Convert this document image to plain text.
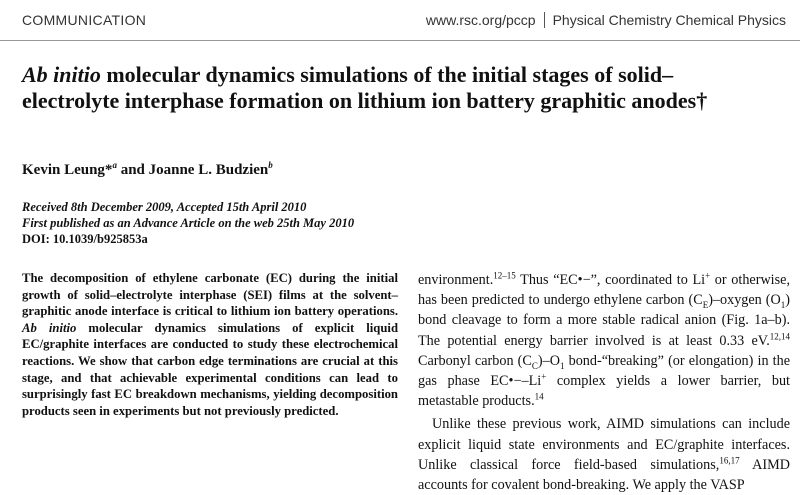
COMMUNICATION	www.rsc.org/pccp Physical Chemistry Chemical Physics
Ab initio molecular dynamics simulations of the initial stages of solid–electrolyte interphase formation on lithium ion battery graphitic anodes†
Kevin Leung*$^a$ and Joanne L. Budzien$^b$
Received 8th December 2009, Accepted 15th April 2010
First published as an Advance Article on the web 25th May 2010
DOI: 10.1039/b925853a

The decomposition of ethylene carbonate (EC) during the initial growth of solid–electrolyte interphase (SEI) films at the solvent–graphitic anode interface is critical to lithium ion battery operations. Ab initio molecular dynamics simulations of explicit liquid EC/graphite interfaces are conducted to study these electrochemical reactions. We show that carbon edge terminations are crucial at this stage, and that achievable experimental conditions can lead to surprisingly fast EC breakdown mechanisms, yielding decomposition products seen in experiments but not previously predicted.

environment.$^{12-15}$ Thus “EC•−”, coordinated to Li+ or otherwise, has been predicted to undergo ethylene carbon $(C_E)$–oxygen $(O_1)$ bond cleavage to form a more stable radical anion (Fig. 1a–b). The potential energy barrier involved is at least 0.33 eV.$^{12,14}$ Carbonyl carbon $(C_C)-O_1$ bond-“breaking” (or elongation) in the gas phase EC•−–Li+ complex yields a lower barrier, but metastable products.$^{14}$

Unlike these previous work, AIMD simulations can include explicit liquid state environments and EC/graphite interfaces. Unlike classical force field-based simulations,$^{16,17}$ AIMD accounts for covalent bond-breaking. We apply the VASP
